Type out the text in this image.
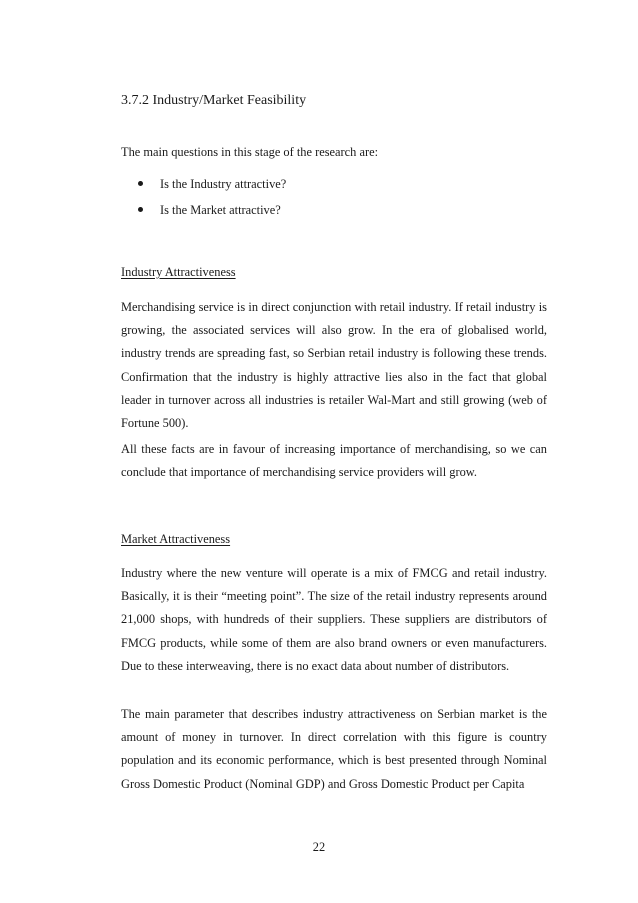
3.7.2 Industry/Market Feasibility
The main questions in this stage of the research are:
Is the Industry attractive?
Is the Market attractive?
Industry Attractiveness

Merchandising service is in direct conjunction with retail industry. If retail industry is growing, the associated services will also grow. In the era of globalised world, industry trends are spreading fast, so Serbian retail industry is following these trends. Confirmation that the industry is highly attractive lies also in the fact that global leader in turnover across all industries is retailer Wal-Mart and still growing (web of Fortune 500).

All these facts are in favour of increasing importance of merchandising, so we can conclude that importance of merchandising service providers will grow.

Market Attractiveness

Industry where the new venture will operate is a mix of FMCG and retail industry. Basically, it is their “meeting point”. The size of the retail industry represents around 21,000 shops, with hundreds of their suppliers. These suppliers are distributors of FMCG products, while some of them are also brand owners or even manufacturers. Due to these interweaving, there is no exact data about number of distributors.

The main parameter that describes industry attractiveness on Serbian market is the amount of money in turnover. In direct correlation with this figure is country population and its economic performance, which is best presented through Nominal Gross Domestic Product (Nominal GDP) and Gross Domestic Product per Capita

22
